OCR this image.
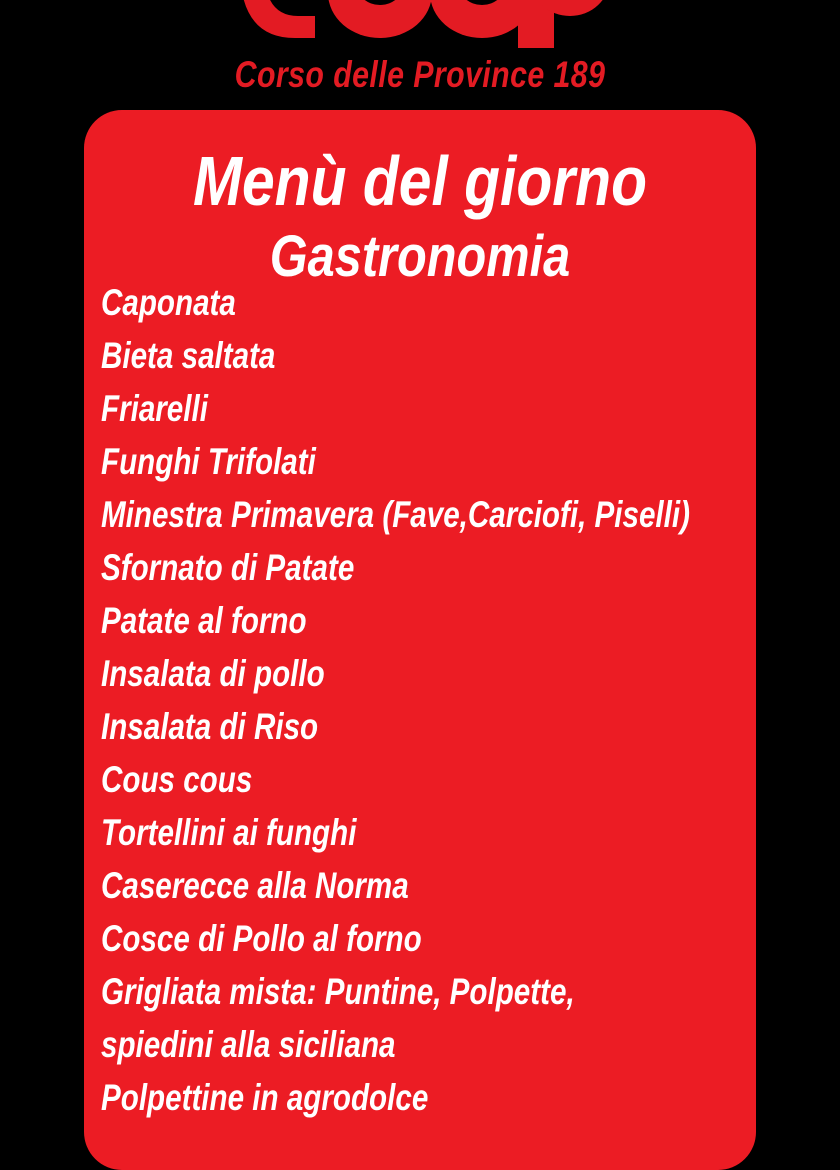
Corso delle Province 189
Menù del giorno
Gastronomia
Caponata
Bieta saltata
Friarelli
Funghi Trifolati
Minestra Primavera (Fave,Carciofi, Piselli)
Sfornato di Patate
Patate al forno
Insalata di pollo
Insalata di Riso
Cous cous
Tortellini ai funghi
Caserecce alla Norma
Cosce di Pollo al forno
Grigliata mista: Puntine, Polpette,
spiedini alla siciliana
Polpettine in agrodolce
